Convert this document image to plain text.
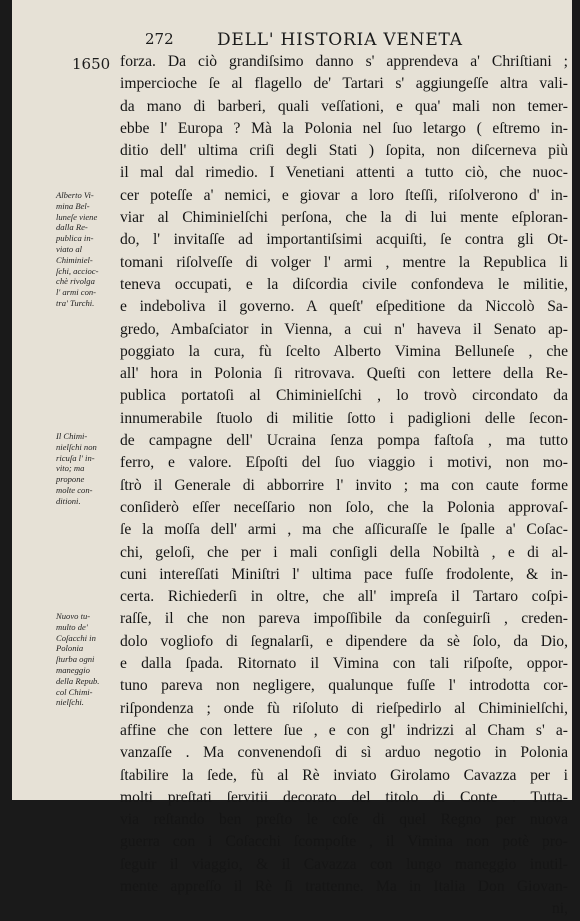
272	DELL' HISTORIA VENETA
1650 forza. Da ciò grandiſsimo danno s' apprendeva a' Chriſtiani ;
impercioche ſe al flagello de' Tartari s' aggiungeſſe altra vali-
da mano di barberi, quali veſſationi, e qua' mali non temer-
ebbe l' Europa ? Mà la Polonia nel ſuo letargo ( eſtremo in-
ditio dell' ultima criſi degli Stati ) ſopita, non diſcerneva più
il mal dal rimedio. I Venetiani attenti a tutto ciò, che nuoc-
cer poteſſe a' nemici, e giovar a loro ſteſſi, riſolverono d' in-
viar al Chiminielſchi perſona, che la di lui mente eſploran-
do, l' invitaſſe ad importantiſsimi acquiſti, ſe contra gli Ot-
tomani riſolveſſe di volger l' armi , mentre la Republica li
teneva occupati, e la diſcordia civile confondeva le militie,
e indeboliva il governo. A queſt' eſpeditione da Niccolò Sa-
gredo, Ambaſciator in Vienna, a cui n' haveva il Senato ap-
poggiato la cura, fù ſcelto Alberto Vimina Belluneſe , che
all' hora in Polonia ſi ritrovava. Queſti con lettere della Re-
publica portatoſi al Chiminielſchi , lo trovò circondato da
innumerabile ſtuolo di militie ſotto i padiglioni delle ſecon-
de campagne dell' Ucraina ſenza pompa faſtoſa , ma tutto
ferro, e valore. Eſpoſti del ſuo viaggio i motivi, non mo-
ſtrò il Generale di abborrire l' invito ; ma con caute forme
conſiderò eſſer neceſſario non ſolo, che la Polonia approvaſ-
ſe la moſſa dell' armi , ma che aſſicuraſſe le ſpalle a' Coſac-
chi, geloſi, che per i mali conſigli della Nobiltà , e di al-
cuni intereſſati Miniſtri l' ultima pace fuſſe frodolente, & in-
certa. Richiederſi in oltre, che all' impreſa il Tartaro coſpi-
raſſe, il che non pareva impoſſibile da conſeguirſi , creden-
dolo vogliofo di ſegnalarſi, e dipendere da sè ſolo, da Dio,
e dalla ſpada. Ritornato il Vimina con tali riſpoſte, oppor-
tuno pareva non negligere, qualunque fuſſe l' introdotta cor-
riſpondenza ; onde fù riſoluto di rieſpedirlo al Chiminielſchi,
affine che con lettere ſue , e con gl' indrizzi al Cham s' a-
vanzaſſe . Ma convenendoſi di sì arduo negotio in Polonia
ſtabilire la ſede, fù al Rè inviato Girolamo Cavazza per i
molti preſtati ſervitii decorato del titolo di Conte . Tutta-
via reſtando ben preſto le coſe di quel Regno per nuova
guerra con i Coſacchi ſcompoſte , il Vimina non potè pro-
ſeguir il viaggio, & il Cavazza con lungo maneggio inutil-
mente appreſſo il Rè ſi trattenne. Ma in Italia Don Giovan-
ni,
Alberto Vi-
mina Bel-
luneſe viene
dalla Re-
publica in-
viato al
Chiminiel-
ſchi, accioc-
chè rivolga
l' armi con-
tra' Turchi.
Il Chimi-
nielſchi non
ricuſa l' in-
vito; ma
propone
molte con-
ditioni.
Nuovo tu-
multo de'
Coſacchi in
Polonia
ſturba ogni
maneggio
della Repub.
col Chimi-
nielſchi.
